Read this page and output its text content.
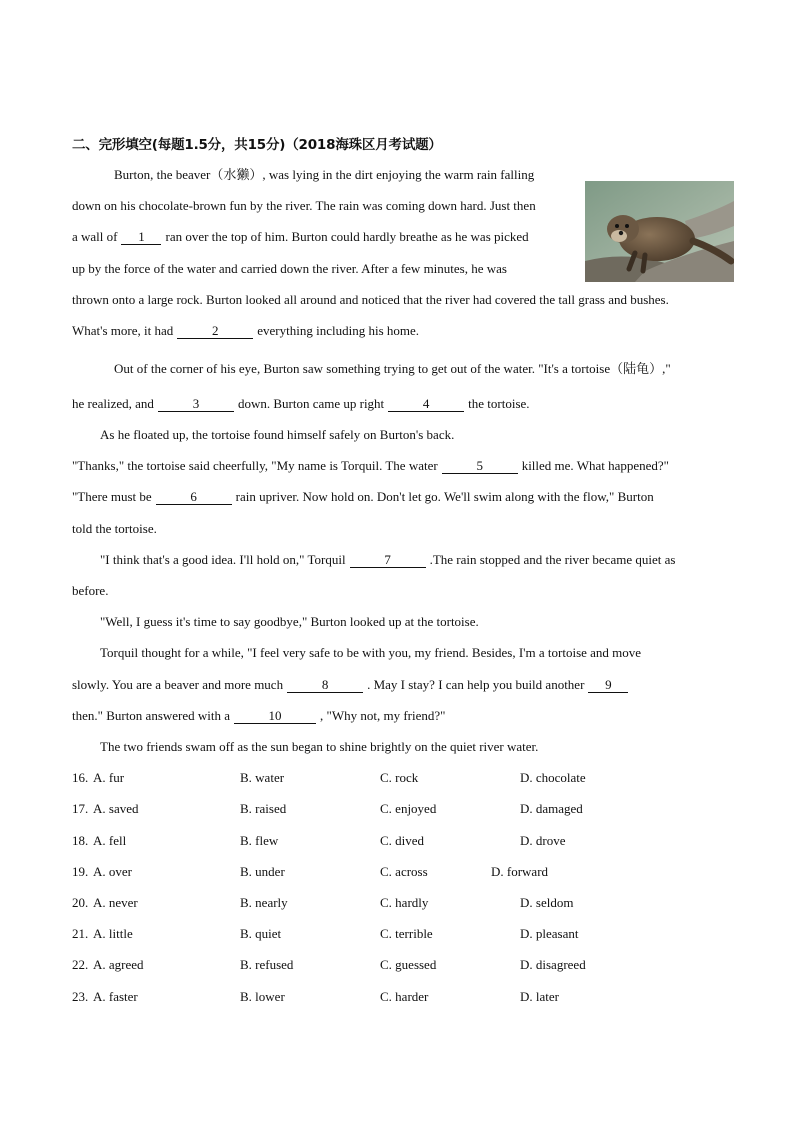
二、完形填空(每题1.5分，共15分)（2018海珠区月考试题）
Burton, the beaver（水獭）, was lying in the dirt enjoying the warm rain falling
down on his chocolate-brown fun by the river. The rain was coming down hard. Just then
a wall of 1 ran over the top of him. Burton could hardly breathe as he was picked
up by the force of the water and carried down the river. After a few minutes, he was
thrown onto a large rock. Burton looked all around and noticed that the river had covered the tall grass and bushes.
What's more, it had	2	everything including his home.
Out of the corner of his eye, Burton saw something trying to get out of the water. "It's a tortoise（陆龟）,"
he realized, and	3	down. Burton came up right	4	the tortoise.
As he floated up, the tortoise found himself safely on Burton's back.
"Thanks," the tortoise said cheerfully, "My name is Torquil. The water	5	killed me. What happened?"
"There must be	6	rain upriver. Now hold on. Don't let go. We'll swim along with the flow," Burton
told the tortoise.
"I think that's a good idea. I'll hold on," Torquil	7	.The rain stopped and the river became quiet as
before.
"Well, I guess it's time to say goodbye," Burton looked up at the tortoise.
Torquil thought for a while, "I feel very safe to be with you, my friend. Besides, I'm a tortoise and move
slowly. You are a beaver and more much	8	. May I stay? I can help you build another 9
then." Burton answered with a	10	, "Why not, my friend?"
The two friends swam off as the sun began to shine brightly on the quiet river water.
16. A. fur	B. water	C. rock	D. chocolate
17. A. saved	B. raised	C. enjoyed	D. damaged
18. A. fell	B. flew	C. dived	D. drove
19. A. over	B. under	C. across	D. forward
20. A. never	B. nearly	C. hardly	D. seldom
21. A. little	B. quiet	C. terrible	D. pleasant
22. A. agreed	B. refused	C. guessed	D. disagreed
23. A. faster	B. lower	C. harder	D. later
